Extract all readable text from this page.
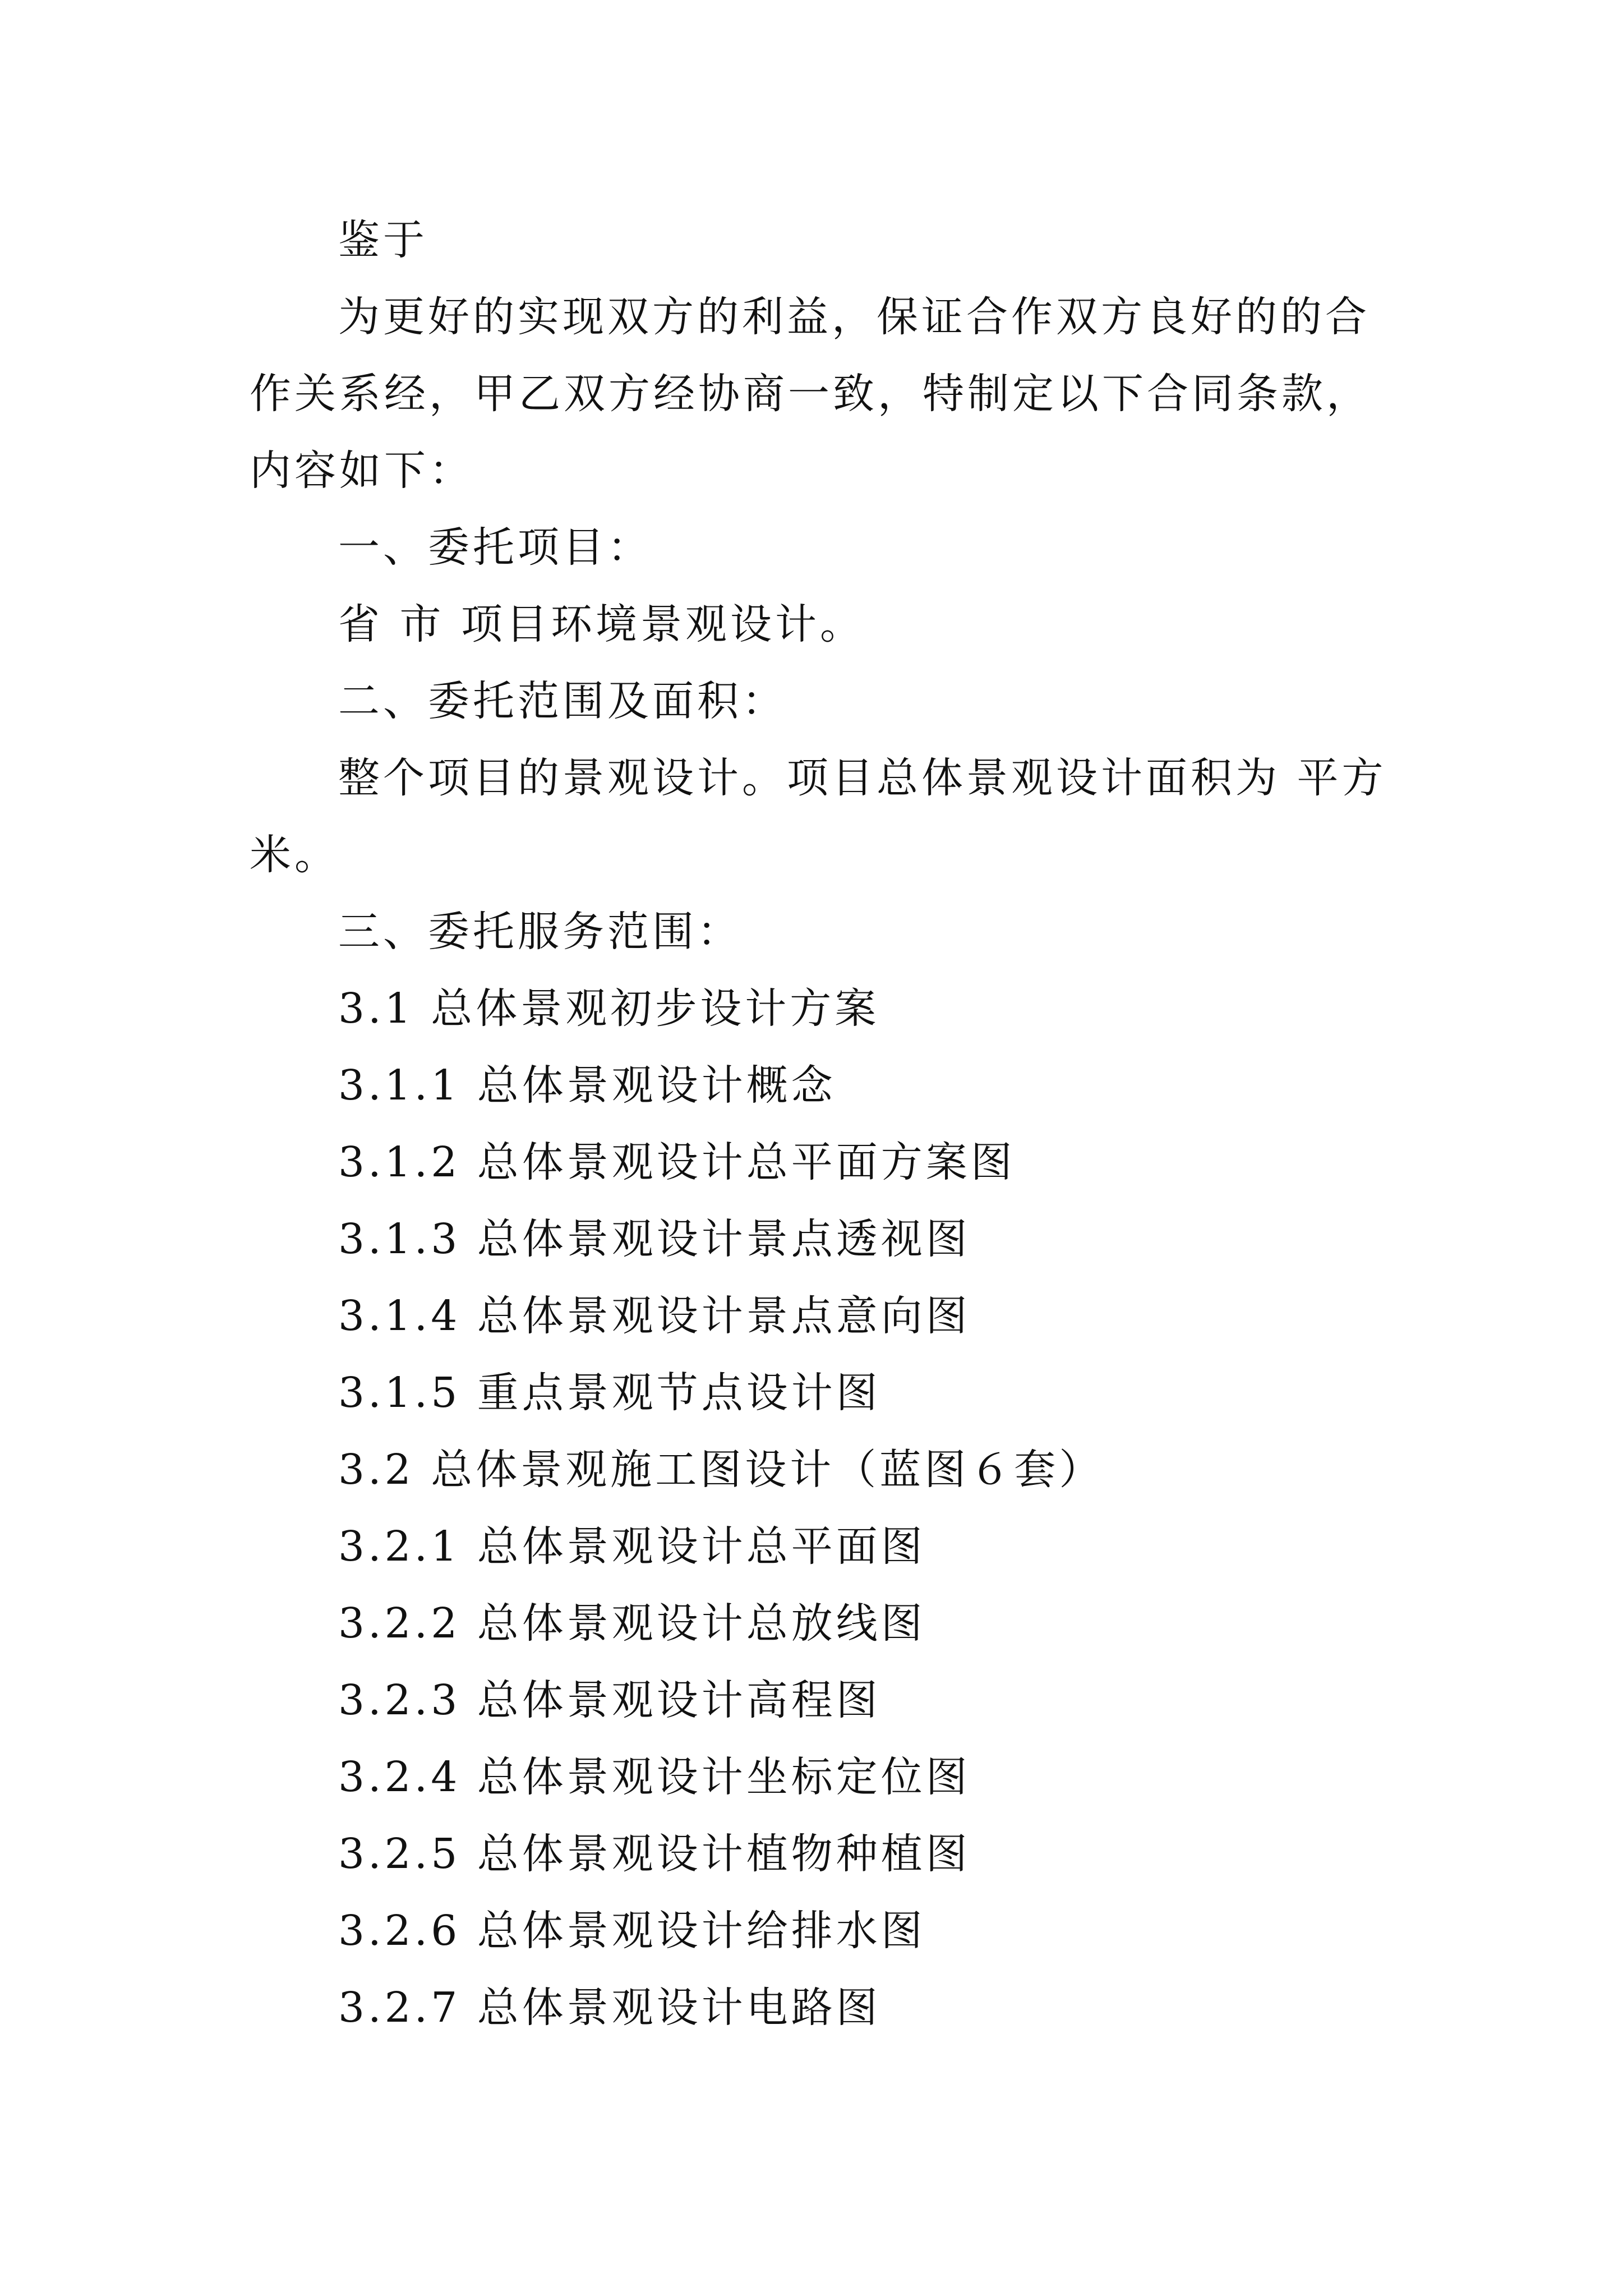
鉴于

为更好的实现双方的利益，保证合作双方良好的的合作关系经，甲乙双方经协商一致，特制定以下合同条款，内容如下：

一、委托项目：

省 市 项目环境景观设计。

二、委托范围及面积：

整个项目的景观设计。项目总体景观设计面积为 平方米。

三、委托服务范围：

3.1 总体景观初步设计方案

3.1.1 总体景观设计概念

3.1.2 总体景观设计总平面方案图

3.1.3 总体景观设计景点透视图

3.1.4 总体景观设计景点意向图

3.1.5 重点景观节点设计图

3.2 总体景观施工图设计（蓝图６套）

3.2.1 总体景观设计总平面图

3.2.2 总体景观设计总放线图

3.2.3 总体景观设计高程图

3.2.4 总体景观设计坐标定位图

3.2.5 总体景观设计植物种植图

3.2.6 总体景观设计给排水图

3.2.7 总体景观设计电路图
